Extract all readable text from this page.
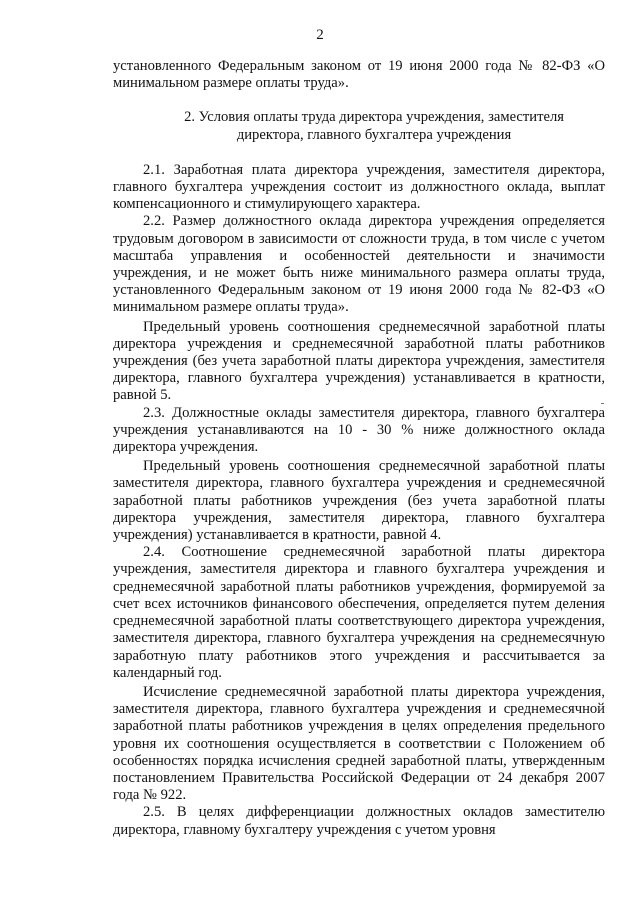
2

установленного Федеральным законом от 19 июня 2000 года № 82-ФЗ «О минимальном размере оплаты труда».

2. Условия оплаты труда директора учреждения, заместителя
директора, главного бухгалтера учреждения

2.1. Заработная плата директора учреждения, заместителя директора, главного бухгалтера учреждения состоит из должностного оклада, выплат компенсационного и стимулирующего характера.

2.2. Размер должностного оклада директора учреждения определяется трудовым договором в зависимости от сложности труда, в том числе с учетом масштаба управления и особенностей деятельности и значимости учреждения, и не может быть ниже минимального размера оплаты труда, установленного Федеральным законом от 19 июня 2000 года № 82-ФЗ «О минимальном размере оплаты труда».

Предельный уровень соотношения среднемесячной заработной платы директора учреждения и среднемесячной заработной платы работников учреждения (без учета заработной платы директора учреждения, заместителя директора, главного бухгалтера учреждения) устанавливается в кратности, равной 5.

2.3. Должностные оклады заместителя директора, главного бухгалтера учреждения устанавливаются на 10 - 30 % ниже должностного оклада директора учреждения.

Предельный уровень соотношения среднемесячной заработной платы заместителя директора, главного бухгалтера учреждения и среднемесячной заработной платы работников учреждения (без учета заработной платы директора учреждения, заместителя директора, главного бухгалтера учреждения) устанавливается в кратности, равной 4.

2.4. Соотношение среднемесячной заработной платы директора учреждения, заместителя директора и главного бухгалтера учреждения и среднемесячной заработной платы работников учреждения, формируемой за счет всех источников финансового обеспечения, определяется путем деления среднемесячной заработной платы соответствующего директора учреждения, заместителя директора, главного бухгалтера учреждения на среднемесячную заработную плату работников этого учреждения и рассчитывается за календарный год.

Исчисление среднемесячной заработной платы директора учреждения, заместителя директора, главного бухгалтера учреждения и среднемесячной заработной платы работников учреждения в целях определения предельного уровня их соотношения осуществляется в соответствии с Положением об особенностях порядка исчисления средней заработной платы, утвержденным постановлением Правительства Российской Федерации от 24 декабря 2007 года № 922.

2.5. В целях дифференциации должностных окладов заместителю директора, главному бухгалтеру учреждения с учетом уровня
